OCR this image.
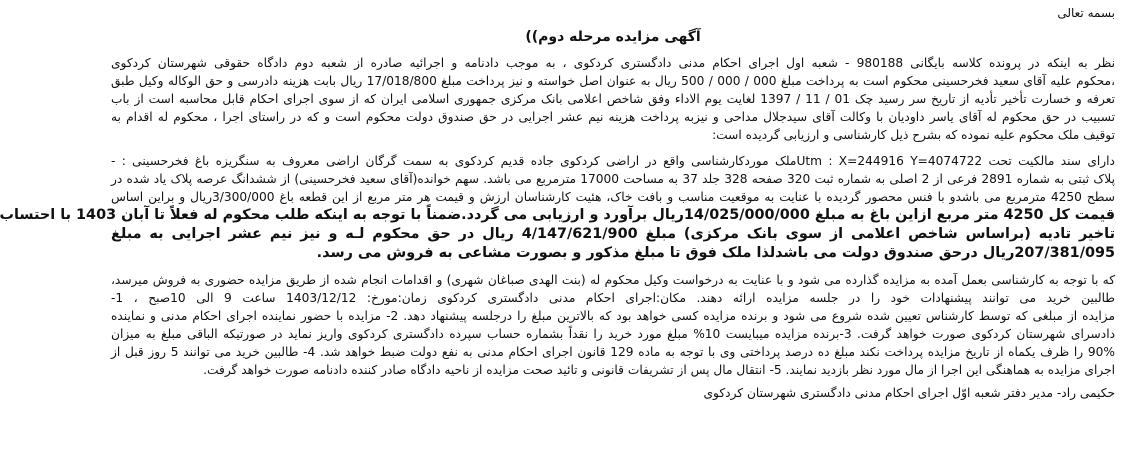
بسمه تعالی
آگهی مزایده مرحله دوم))
نظر به اینکه در پرونده کلاسه بایگانی 980188 - شعبه اول اجرای احکام مدنی دادگستری کردکوی ، به موجب دادنامه و اجرائیه صادره از شعبه دوم دادگاه حقوقی شهرستان کردکوی
،محکوم علیه آقای سعید فخرحسینی محکوم است به پرداخت مبلغ 000 / 000 / 500 ریال به عنوان اصل خواسته و نیز پرداخت مبلغ 17/018/800 ریال بابت هزینه دادرسی و حق الوکاله وکیل طبق
تعرفه و خسارت تأخیر تأدیه از تاریخ سر رسید چک 01 / 11 / 1397 لغایت یوم الاداء وفق شاخص اعلامی بانک مرکزی جمهوری اسلامی ایران که از سوی اجرای احکام قابل محاسبه است از باب
تسبیب در حق محکوم له آقای یاسر داودیان با وکالت آقای سیدجلال مداحی و نیزبه پرداخت هزینه نیم عشر اجرایی در حق صندوق دولت محکوم است و که در راستای اجرا ، محکوم له اقدام به
توقیف ملک محکوم علیه نموده که بشرح ذیل کارشناسی و ارزیابی گردیده است:
دارای سند مالکیت تحت Utm : X=244916 Y=4074722ملک موردکارشناسی واقع در اراضی کردکوی جاده قدیم کردکوی به سمت گرگان اراضی معروف به سنگریزه باغ فخرحسینی : -
پلاک ثبتی به شماره 2891 فرعی از 2 اصلی به شماره ثبت 320 صفحه 328 جلد 37 به مساحت 17000 مترمربع می باشد. سهم خوانده(آقای سعید فخرحسینی) از ششدانگ عرصه پلاک یاد شده در
سطح 4250 مترمربع می باشدو با فنس محصور گردیده با عنایت به موقعیت مناسب و بافت خاک، هئیت کارشناسان ارزش و قیمت هر متر مربع از این قطعه باغ 3/300/000ریال و براین اساس
قیمت کل 4250 متر مربع ازاین باغ به مبلغ 14/025/000/000ریال برآورد و ارزیابی می گردد.ضمناً با توجه به اینکه طلب محکوم له فعلاً تا آبان 1403 با احتساب
تاخیر تادیه (براساس شاخص اعلامی از سوی بانک مرکزی) مبلغ 4/147/621/900 ریال در حق محکوم لـه و نیز نیم عشر اجرایی به مبلغ
207/381/095ریال درحق صندوق دولت می باشدلذا ملک فوق تا مبلغ مذکور و بصورت مشاعی به فروش می رسد.
که با توجه به کارشناسی بعمل آمده به مزایده گذارده می شود و با عنایت به درخواست وکیل محکوم له (بنت الهدی صباغان شهری) و اقدامات انجام شده از طریق مزایده حضوری به فروش میرسد،
طالبین خرید می توانند پیشنهادات خود را در جلسه مزایده ارائه دهند. مکان:اجرای احکام مدنی دادگستری کردکوی زمان:مورخ: 1403/12/12 ساعت 9 الی 10صبح ، 1-
مزایده از مبلغی که توسط کارشناس تعیین شده شروع می شود و برنده مزایده کسی خواهد بود که بالاترین مبلغ را درجلسه پیشنهاد دهد. 2- مزایده با حضور نماینده اجرای احکام مدنی و نماینده
دادسرای شهرستان کردکوی صورت خواهد گرفت. 3-برنده مزایده میبایست 10% مبلغ مورد خرید را نقداً بشماره حساب سپرده دادگستری کردکوی واریز نماید در صورتیکه الباقی مبلغ به میزان
90% را ظرف یکماه از تاریخ مزایده پرداخت نکند مبلغ ده درصد پرداختی وی با توجه به ماده 129 قانون اجرای احکام مدنی به نفع دولت ضبط خواهد شد. 4- طالبین خرید می توانند 5 روز قبل از
اجرای مزایده به هماهنگی این اجرا از مال مورد نظر بازدید نمایند. 5- انتقال مال پس از تشریفات قانونی و تائید صحت مزایده از ناحیه دادگاه صادر کننده دادنامه صورت خواهد گرفت.
حکیمی راد- مدیر دفتر شعبه اوّل اجرای احکام مدنی دادگستری شهرستان کردکوی
